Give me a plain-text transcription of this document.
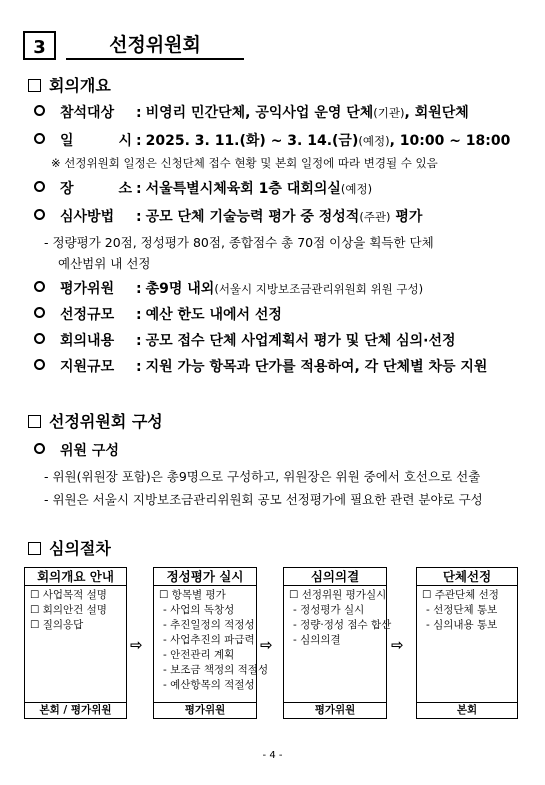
3	선정위원회
회의개요
참석대상 : 비영리 민간단체, 공익사업 운영 단체(기관), 회원단체
일 시 : 2025. 3. 11.(화) ~ 3. 14.(금)(예정), 10:00 ~ 18:00
※ 선정위원회 일정은 신청단체 접수 현황 및 본회 일정에 따라 변경될 수 있음
장 소 : 서울특별시체육회 1층 대회의실(예정)
심사방법 : 공모 단체 기술능력 평가 중 정성적(주관) 평가
- 정량평가 20점, 정성평가 80점, 종합점수 총 70점 이상을 획득한 단체
예산범위 내 선정
평가위원 : 총9명 내외(서울시 지방보조금관리위원회 위원 구성)
선정규모 : 예산 한도 내에서 선정
회의내용 : 공모 접수 단체 사업계획서 평가 및 단체 심의·선정
지원규모 : 지원 가능 항목과 단가를 적용하여, 각 단체별 차등 지원
선정위원회 구성
위원 구성
- 위원(위원장 포함)은 총9명으로 구성하고, 위원장은 위원 중에서 호선으로 선출
- 위원은 서울시 지방보조금관리위원회 공모 선정평가에 필요한 관련 분야로 구성
심의절차
회의개요 안내
☐ 사업목적 설명
☐ 회의안건 설명
☐ 질의응답
본회 / 평가위원
⇨
정성평가 실시
☐ 항목별 평가
- 사업의 독창성
- 추진일정의 적정성
- 사업추진의 파급력
- 안전관리 계획
- 보조금 책정의 적절성
- 예산항목의 적절성
평가위원
⇨
심의의결
☐ 선정위원 평가실시
- 정성평가 실시
- 정량·정성 점수 합산
- 심의의결
평가위원
⇨
단체선정
☐ 주관단체 선정
- 선정단체 통보
- 심의내용 통보
본회
- 4 -
